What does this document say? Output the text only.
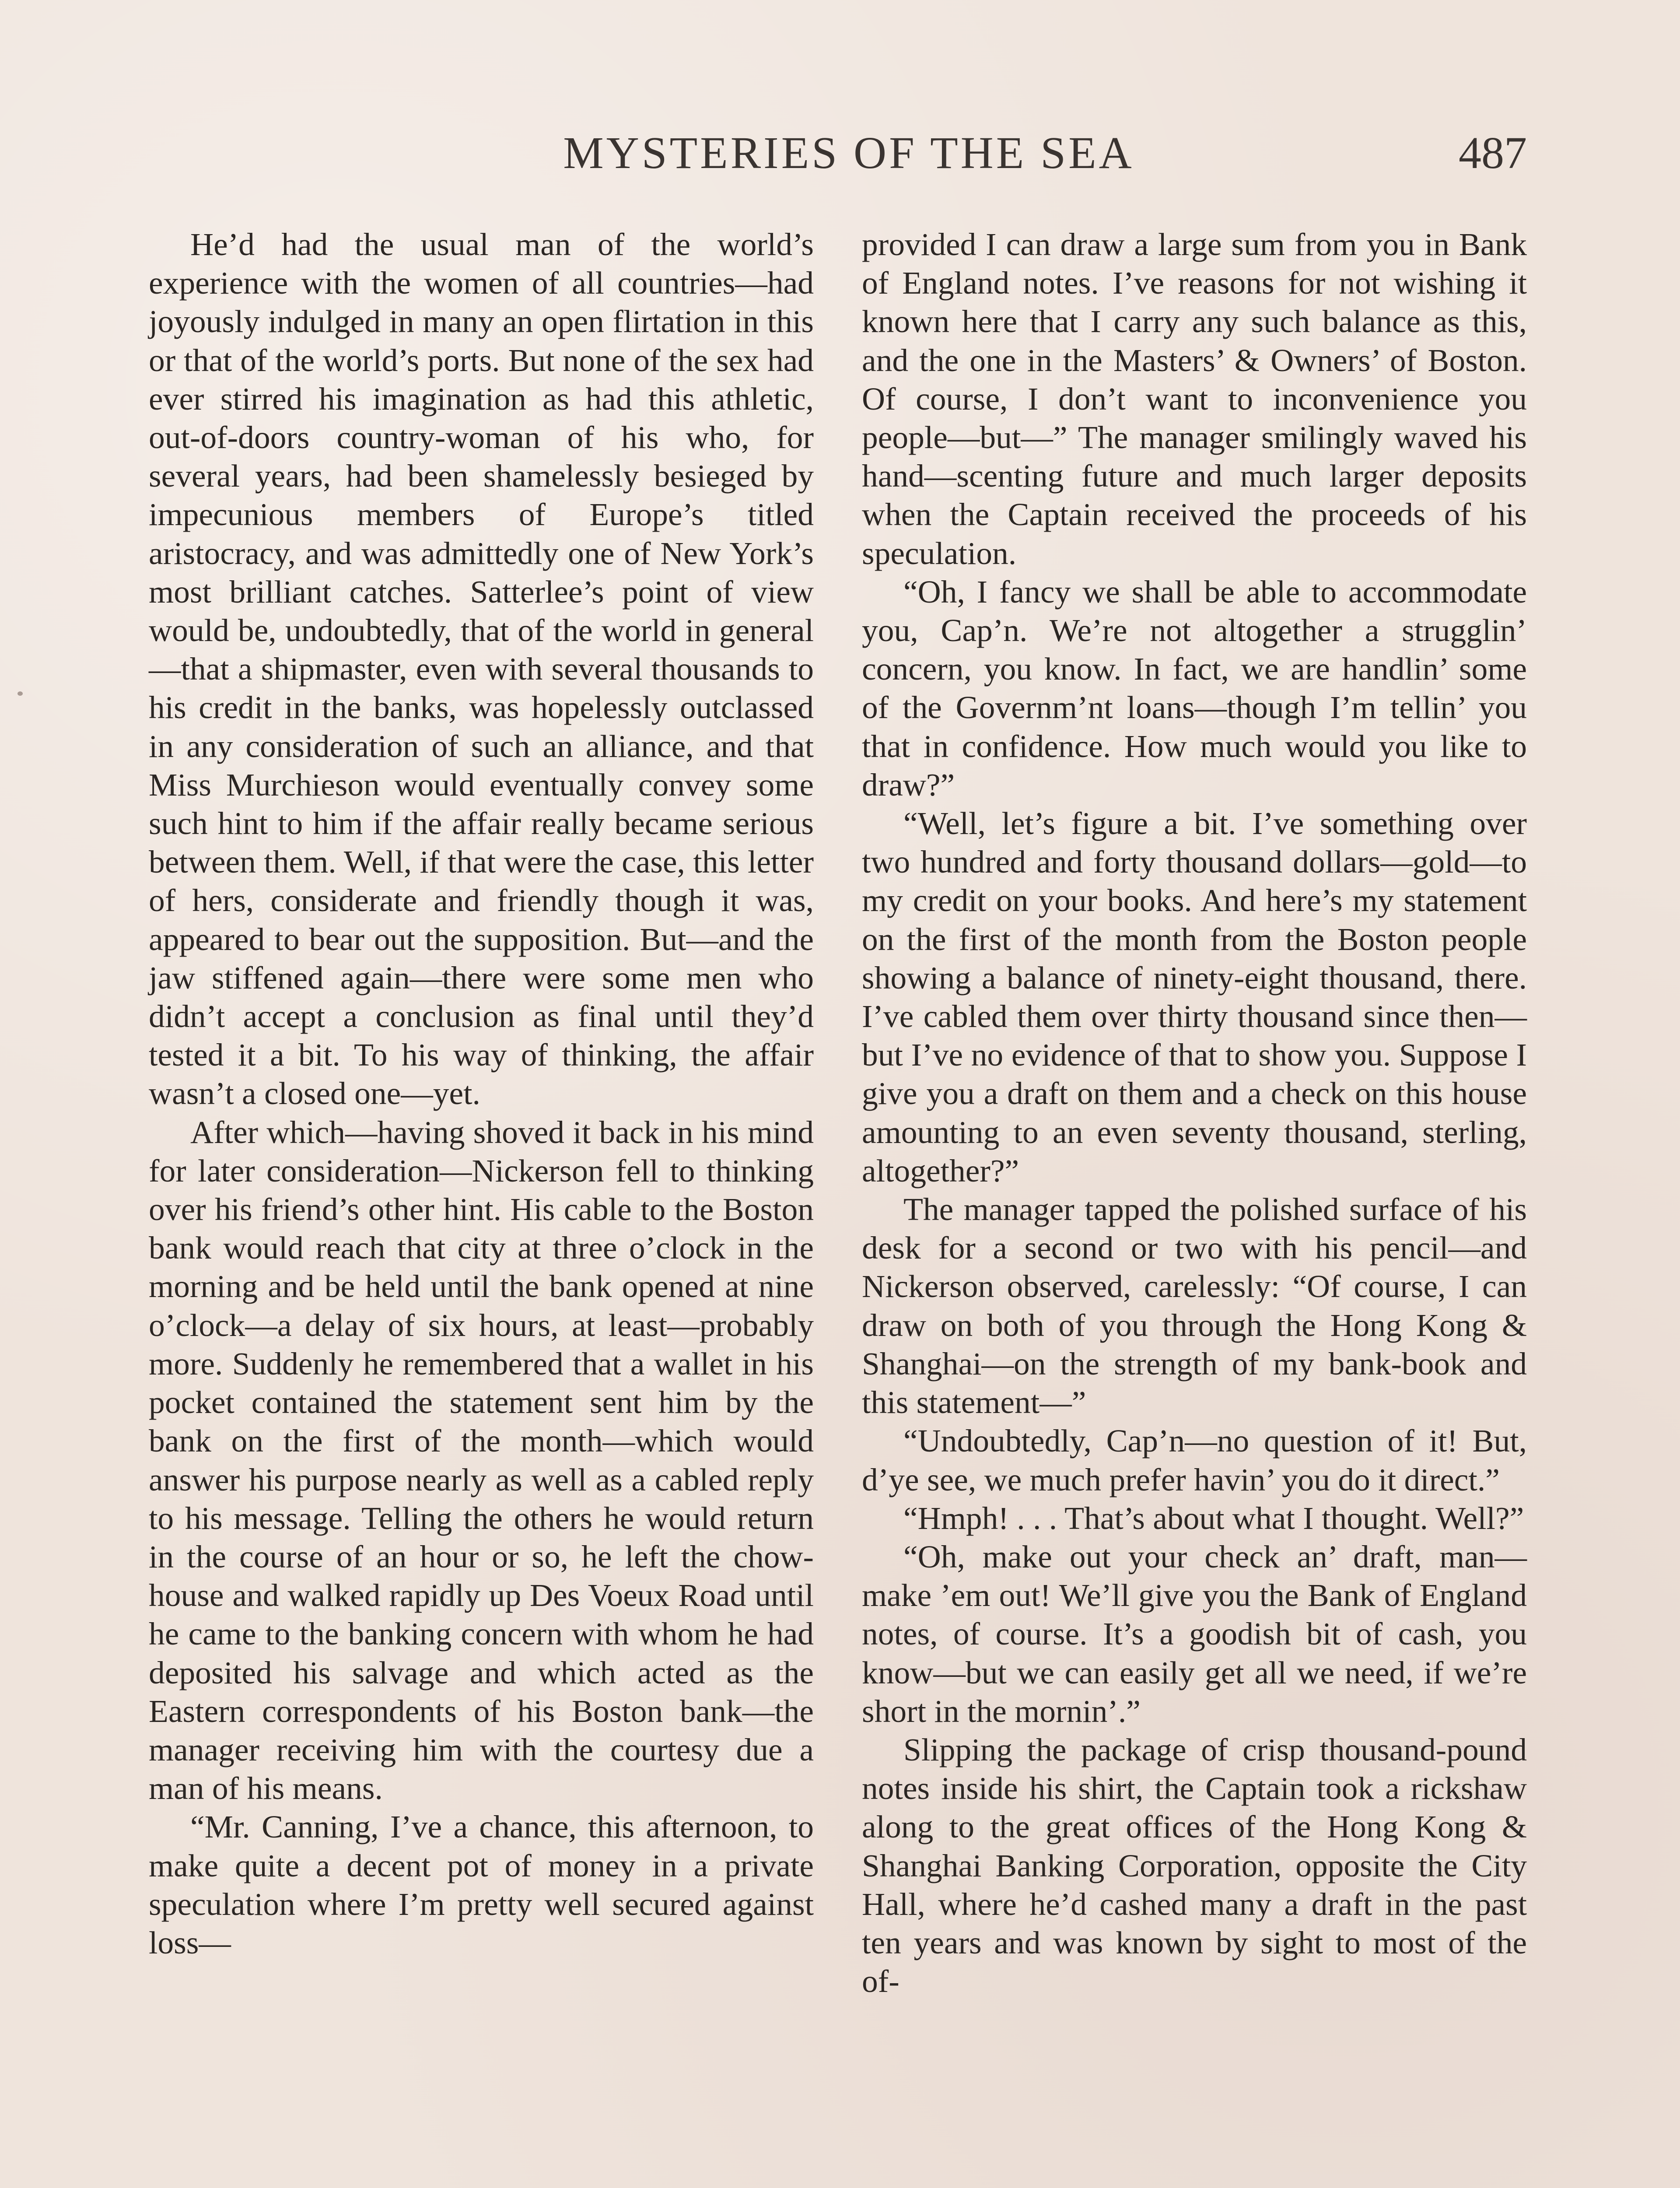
MYSTERIES OF THE SEA	487

He’d had the usual man of the world’s experience with the women of all countries—had joyously indulged in many an open flirtation in this or that of the world’s ports. But none of the sex had ever stirred his imagination as had this athletic, out-of-doors country-woman of his who, for several years, had been shamelessly besieged by impecunious members of Europe’s titled aristocracy, and was admittedly one of New York’s most brilliant catches. Satterlee’s point of view would be, undoubtedly, that of the world in general—that a shipmaster, even with several thousands to his credit in the banks, was hopelessly outclassed in any consideration of such an alliance, and that Miss Murchieson would eventually convey some such hint to him if the affair really became serious between them. Well, if that were the case, this letter of hers, considerate and friendly though it was, appeared to bear out the supposition. But—and the jaw stiffened again—there were some men who didn’t accept a conclusion as final until they’d tested it a bit. To his way of thinking, the affair wasn’t a closed one—yet.

After which—having shoved it back in his mind for later consideration—Nickerson fell to thinking over his friend’s other hint. His cable to the Boston bank would reach that city at three o’clock in the morning and be held until the bank opened at nine o’clock—a delay of six hours, at least—probably more. Suddenly he remembered that a wallet in his pocket contained the statement sent him by the bank on the first of the month—which would answer his purpose nearly as well as a cabled reply to his message. Telling the others he would return in the course of an hour or so, he left the chow-house and walked rapidly up Des Voeux Road until he came to the banking concern with whom he had deposited his salvage and which acted as the Eastern correspondents of his Boston bank—the manager receiving him with the courtesy due a man of his means.

“Mr. Canning, I’ve a chance, this afternoon, to make quite a decent pot of money in a private speculation where I’m pretty well secured against loss—

provided I can draw a large sum from you in Bank of England notes. I’ve reasons for not wishing it known here that I carry any such balance as this, and the one in the Masters’ & Owners’ of Boston. Of course, I don’t want to inconvenience you people—but—” The manager smilingly waved his hand—scenting future and much larger deposits when the Captain received the proceeds of his speculation.

“Oh, I fancy we shall be able to accommodate you, Cap’n. We’re not altogether a strugglin’ concern, you know. In fact, we are handlin’ some of the Governm’nt loans—though I’m tellin’ you that in confidence. How much would you like to draw?”

“Well, let’s figure a bit. I’ve something over two hundred and forty thousand dollars—gold—to my credit on your books. And here’s my statement on the first of the month from the Boston people showing a balance of ninety-eight thousand, there. I’ve cabled them over thirty thousand since then—but I’ve no evidence of that to show you. Suppose I give you a draft on them and a check on this house amounting to an even seventy thousand, sterling, altogether?”

The manager tapped the polished surface of his desk for a second or two with his pencil—and Nickerson observed, carelessly: “Of course, I can draw on both of you through the Hong Kong & Shanghai—on the strength of my bank-book and this statement—”

“Undoubtedly, Cap’n—no question of it! But, d’ye see, we much prefer havin’ you do it direct.”

“Hmph! . . . That’s about what I thought. Well?”

“Oh, make out your check an’ draft, man—make ’em out! We’ll give you the Bank of England notes, of course. It’s a goodish bit of cash, you know—but we can easily get all we need, if we’re short in the mornin’.”

Slipping the package of crisp thousand-pound notes inside his shirt, the Captain took a rickshaw along to the great offices of the Hong Kong & Shanghai Banking Corporation, opposite the City Hall, where he’d cashed many a draft in the past ten years and was known by sight to most of the of-
